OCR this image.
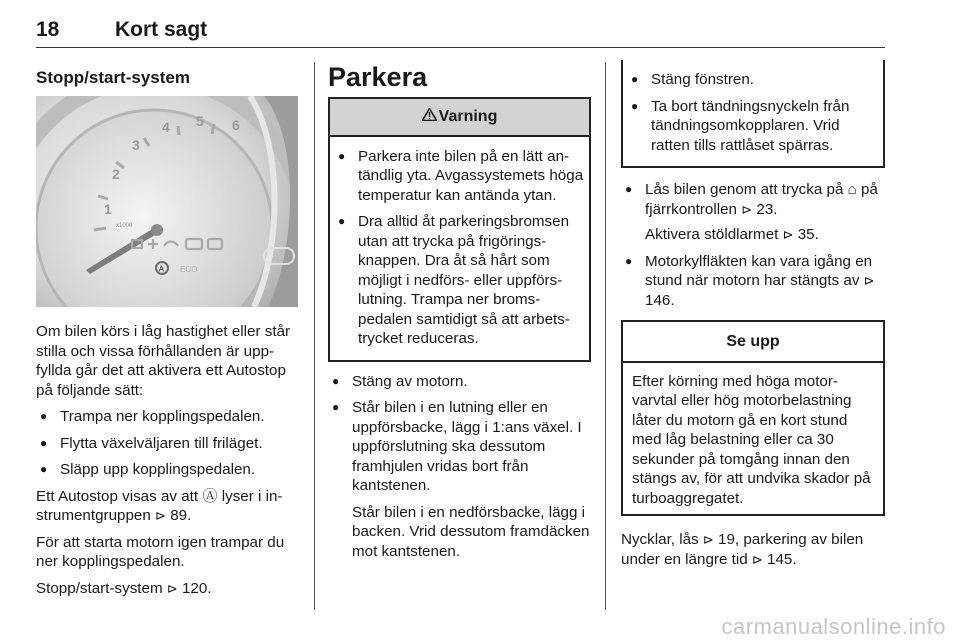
18	Kort sagt

Stopp/start-system

1
2
3
4 5 6
x1000
A ECO

Om bilen körs i låg hastighet eller står stilla och vissa förhållanden är upp-fyllda går det att aktivera ett Autostop på följande sätt:

● Trampa ner kopplingspedalen.
● Flytta växelväljaren till friläget.
● Släpp upp kopplingspedalen.

Ett Autostop visas av att Ⓐ lyser i in-strumentgruppen ⊳ 89.

För att starta motorn igen trampar du ner kopplingspedalen.

Stopp/start-system ⊳ 120.

Parkera

Varning
● Parkera inte bilen på en lätt an-tändlig yta. Avgassystemets höga temperatur kan antända ytan.
● Dra alltid åt parkeringsbromsen utan att trycka på frigörings-knappen. Dra åt så hårt som möjligt i nedförs- eller uppförs-lutning. Trampa ner broms-pedalen samtidigt så att arbets-trycket reduceras.
● Stäng av motorn.
● Står bilen i en lutning eller en uppförsbacke, lägg i 1:ans växel. I uppförslutning ska dessutom framhjulen vridas bort från kantstenen.

Står bilen i en nedförsbacke, lägg i backen. Vrid dessutom framdäcken mot kantstenen.

● Stäng fönstren.
● Ta bort tändningsnyckeln från tändningsomkopplaren. Vrid ratten tills rattlåset spärras.
● Lås bilen genom att trycka på ⌂ på fjärrkontrollen ⊳ 23.

Aktivera stöldlarmet ⊳ 35.

● Motorkylfläkten kan vara igång en stund när motorn har stängts av ⊳ 146.
Se upp
Efter körning med höga motor-varvtal eller hög motorbelastning låter du motorn gå en kort stund med låg belastning eller ca 30 sekunder på tomgång innan den stängs av, för att undvika skador på turboaggregatet.

Nycklar, lås ⊳ 19, parkering av bilen under en längre tid ⊳ 145.

carmanualsonline.info
